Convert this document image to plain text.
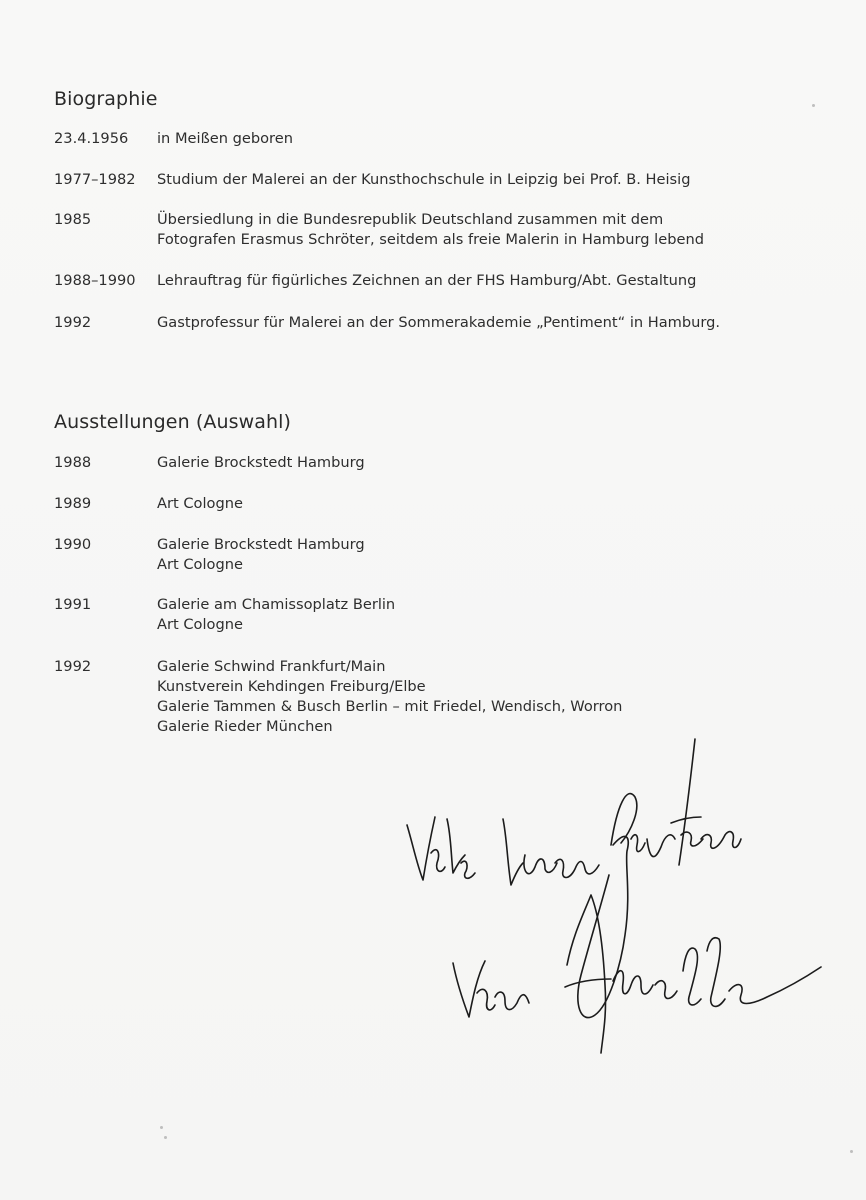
Biographie
23.4.1956 in Meißen geboren
1977–1982 Studium der Malerei an der Kunsthochschule in Leipzig bei Prof. B. Heisig
1985	Übersiedlung in die Bundesrepublik Deutschland zusammen mit dem
Fotografen Erasmus Schröter, seitdem als freie Malerin in Hamburg lebend
1988–1990 Lehrauftrag für figürliches Zeichnen an der FHS Hamburg/Abt. Gestaltung
1992	Gastprofessur für Malerei an der Sommerakademie „Pentiment“ in Hamburg.
Ausstellungen (Auswahl)
1988	Galerie Brockstedt Hamburg
1989	Art Cologne
1990	Galerie Brockstedt Hamburg
Art Cologne
1991	Galerie am Chamissoplatz Berlin
Art Cologne
1992	Galerie Schwind Frankfurt/Main
Kunstverein Kehdingen Freiburg/Elbe
Galerie Tammen & Busch Berlin – mit Friedel, Wendisch, Worron
Galerie Rieder München
